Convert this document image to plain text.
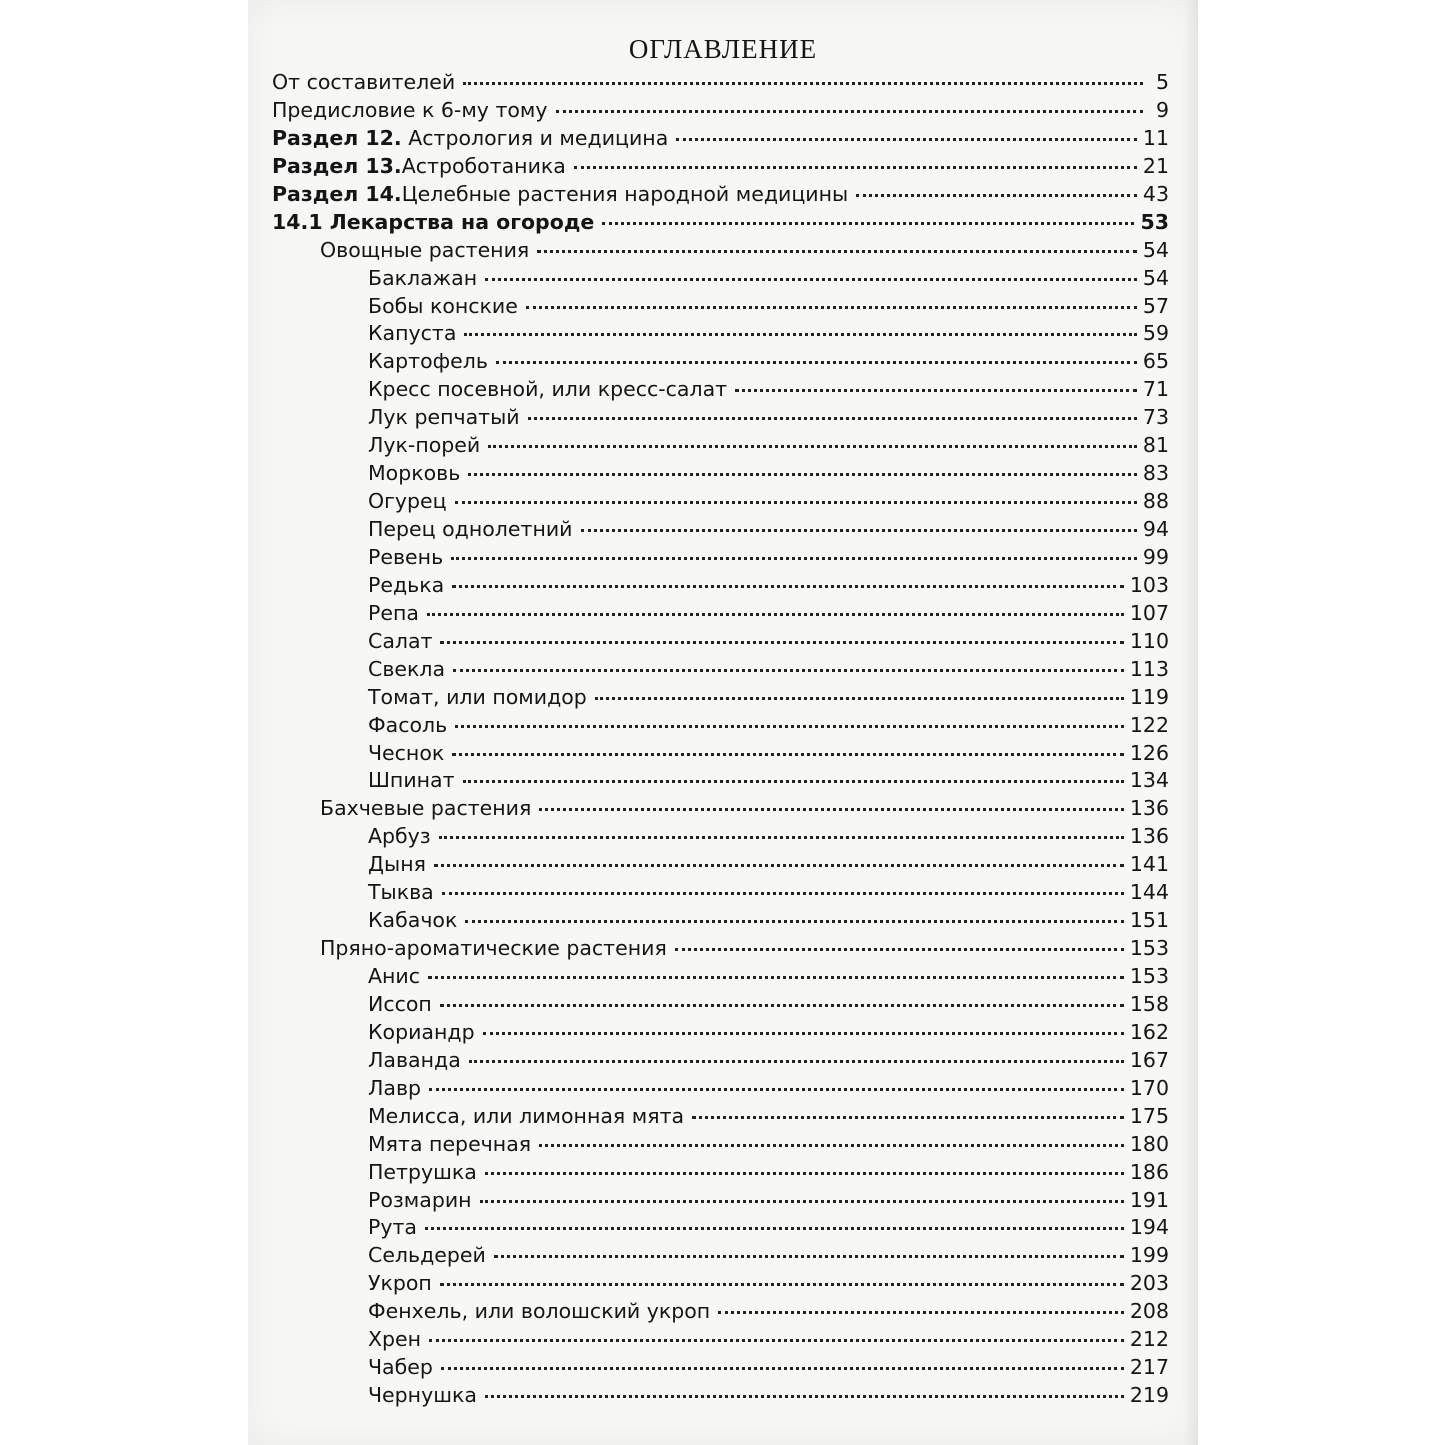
ОГЛАВЛЕНИЕ
От составителей	5
Предисловие к 6-му тому	9
Раздел 12. Астрология и медицина	11
Раздел 13.Астроботаника	21
Раздел 14.Целебные растения народной медицины	43
14.1 Лекарства на огороде	53
Овощные растения	54
Баклажан	54
Бобы конские	57
Капуста	59
Картофель	65
Кресс посевной, или кресс-салат	71
Лук репчатый	73
Лук-порей	81
Морковь	83
Огурец	88
Перец однолетний	94
Ревень	99
Редька	103
Репа	107
Салат	110
Свекла	113
Томат, или помидор	119
Фасоль	122
Чеснок	126
Шпинат	134
Бахчевые растения	136
Арбуз	136
Дыня	141
Тыква	144
Кабачок	151
Пряно-ароматические растения	153
Анис	153
Иссоп	158
Кориандр	162
Лаванда	167
Лавр	170
Мелисса, или лимонная мята	175
Мята перечная	180
Петрушка	186
Розмарин	191
Рута	194
Сельдерей	199
Укроп	203
Фенхель, или волошский укроп	208
Хрен	212
Чабер	217
Чернушка	219
